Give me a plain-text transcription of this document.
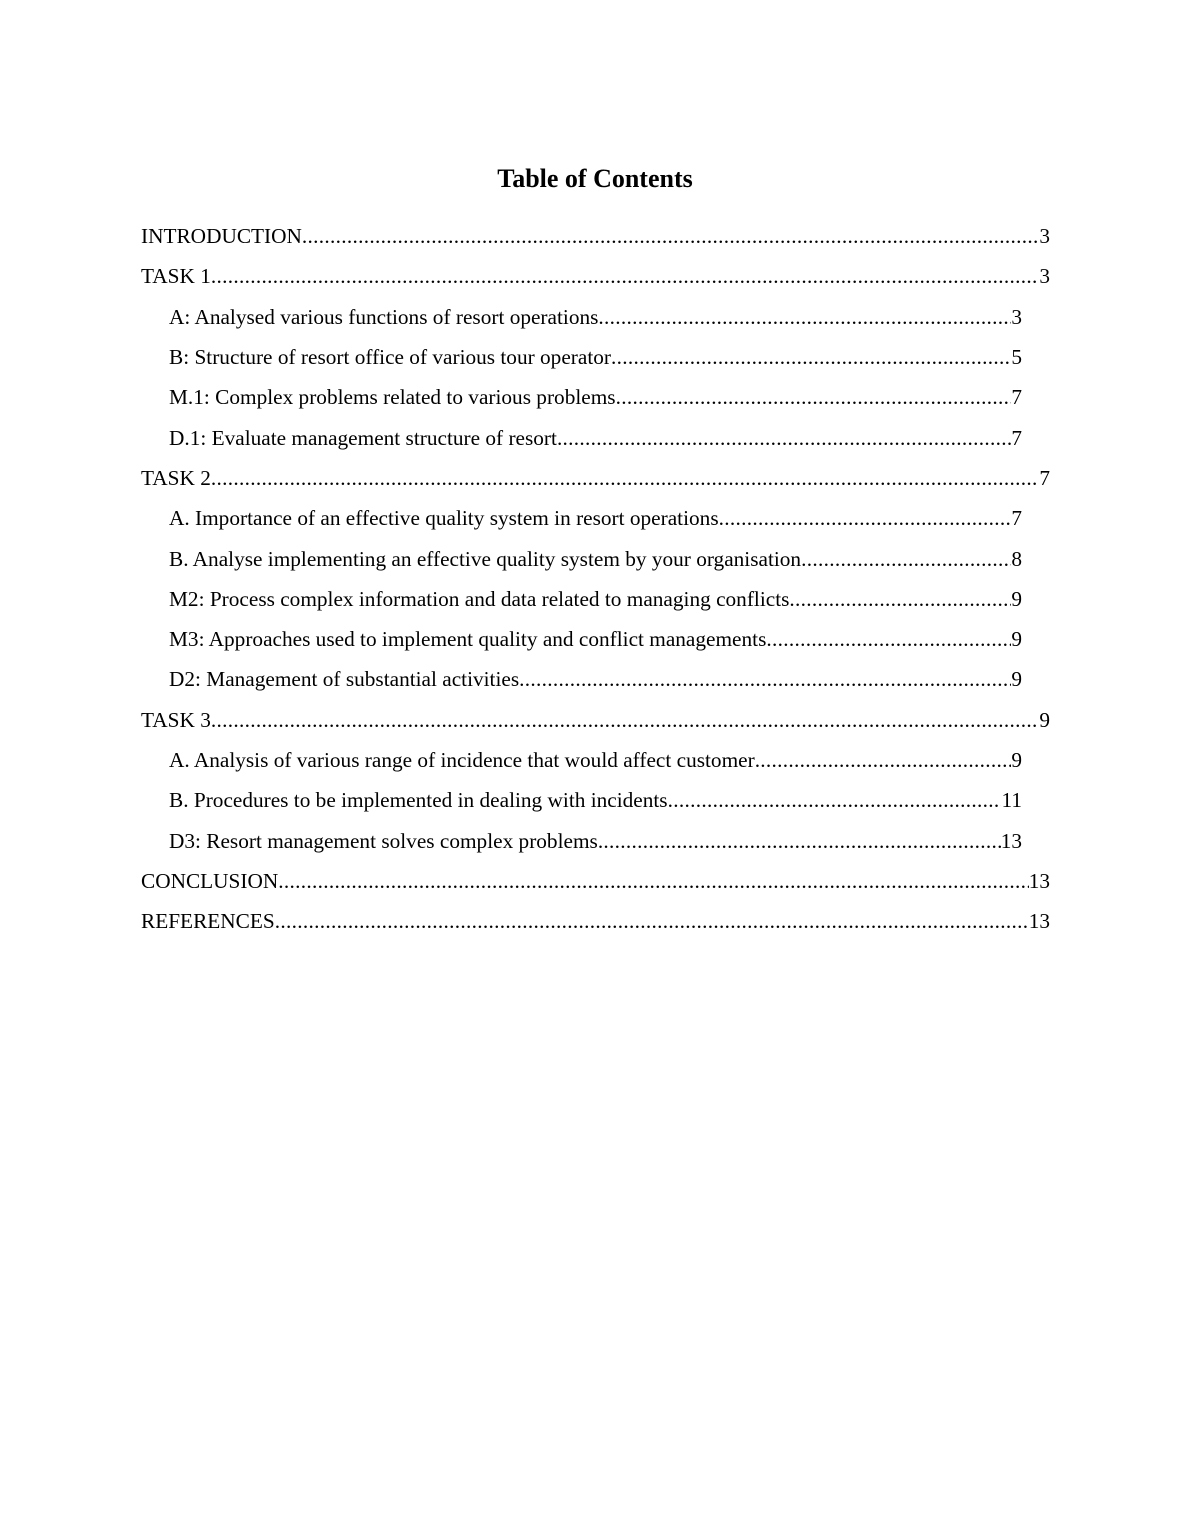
Table of Contents
INTRODUCTION .....	3
TASK 1 .....	3
A: Analysed various functions of resort operations .....	3
B: Structure of resort office of various tour operator .....	5
M.1: Complex problems related to various problems .....	7
D.1: Evaluate management structure of resort .....	7
TASK 2 .....	7
A. Importance of an effective quality system in resort operations .....	7
B. Analyse implementing an effective quality system by your organisation .....	8
M2: Process complex information and data related to managing conflicts .....	9
M3: Approaches used to implement quality and conflict managements .....	9
D2: Management of substantial activities .....	9
TASK 3 .....	9
A. Analysis of various range of incidence that would affect customer .....	9
B. Procedures to be implemented in dealing with incidents .....	11
D3: Resort management solves complex problems .....	13
CONCLUSION .....	13
REFERENCES .....	13
